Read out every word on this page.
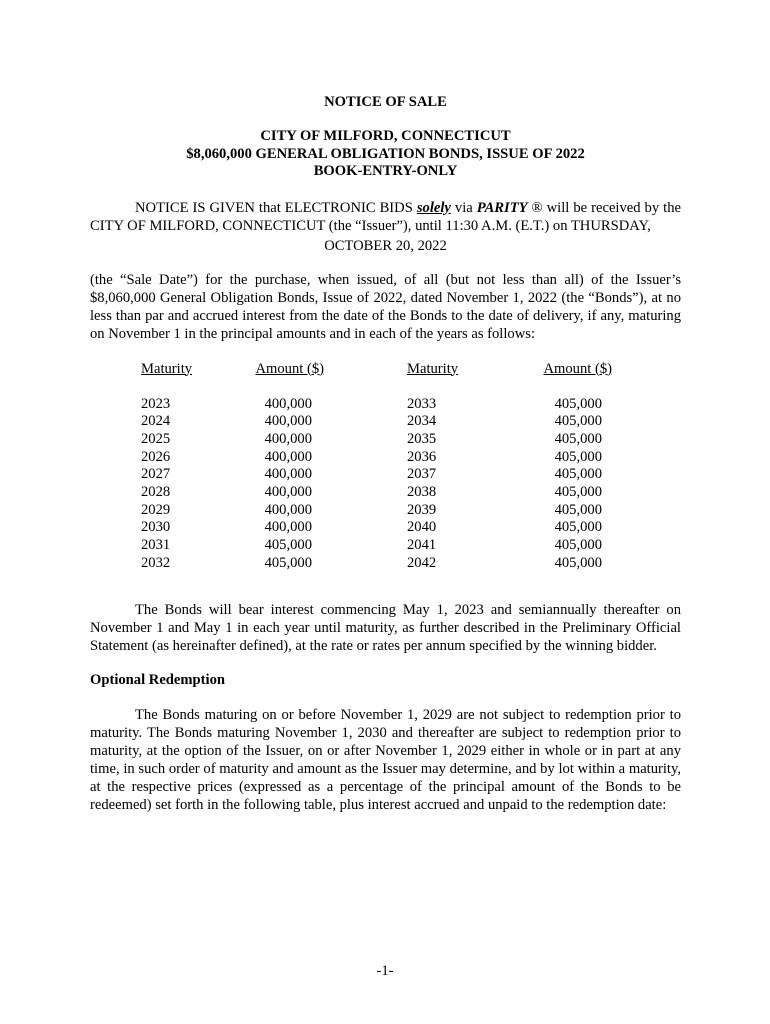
NOTICE OF SALE
CITY OF MILFORD, CONNECTICUT
$8,060,000 GENERAL OBLIGATION BONDS, ISSUE OF 2022
BOOK-ENTRY-ONLY

NOTICE IS GIVEN that ELECTRONIC BIDS solely via PARITY ® will be received by the CITY OF MILFORD, CONNECTICUT (the “Issuer”), until 11:30 A.M. (E.T.) on THURSDAY,

OCTOBER 20, 2022

(the “Sale Date”) for the purchase, when issued, of all (but not less than all) of the Issuer’s $8,060,000 General Obligation Bonds, Issue of 2022, dated November 1, 2022 (the “Bonds”), at no less than par and accrued interest from the date of the Bonds to the date of delivery, if any, maturing on November 1 in the principal amounts and in each of the years as follows:

Maturity
2023
2024
2025
2026
2027
2028
2029
2030
2031
2032
Amount ($)
400,000
400,000
400,000
400,000
400,000
400,000
400,000
400,000
405,000
405,000
Maturity
2033
2034
2035
2036
2037
2038
2039
2040
2041
2042
Amount ($)
405,000
405,000
405,000
405,000
405,000
405,000
405,000
405,000
405,000
405,000

The Bonds will bear interest commencing May 1, 2023 and semiannually thereafter on November 1 and May 1 in each year until maturity, as further described in the Preliminary Official Statement (as hereinafter defined), at the rate or rates per annum specified by the winning bidder.

Optional Redemption

The Bonds maturing on or before November 1, 2029 are not subject to redemption prior to maturity. The Bonds maturing November 1, 2030 and thereafter are subject to redemption prior to maturity, at the option of the Issuer, on or after November 1, 2029 either in whole or in part at any time, in such order of maturity and amount as the Issuer may determine, and by lot within a maturity, at the respective prices (expressed as a percentage of the principal amount of the Bonds to be redeemed) set forth in the following table, plus interest accrued and unpaid to the redemption date:

-1-
